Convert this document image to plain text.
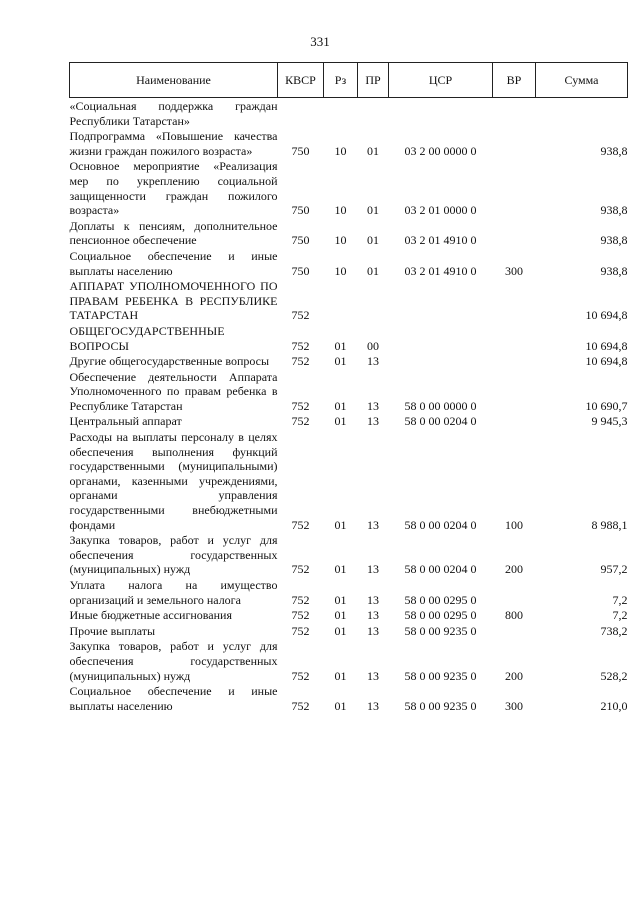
331
Наименование	КВСР	Рз	ПР	ЦСР	ВР	Сумма
«Социальная поддержка граждан Республики Татарстан»						
Подпрограмма «Повышение качества жизни граждан пожилого возраста»	750	10	01	03 2 00 0000 0		938,8
Основное мероприятие «Реализация мер по укреплению социальной защищенности граждан пожилого возраста»	750	10	01	03 2 01 0000 0		938,8
Доплаты к пенсиям, дополнительное пенсионное обеспечение	750	10	01	03 2 01 4910 0		938,8
Социальное обеспечение и иные выплаты населению	750	10	01	03 2 01 4910 0	300	938,8
АППАРАТ УПОЛНОМОЧЕННОГО ПО ПРАВАМ РЕБЕНКА В РЕСПУБЛИКЕ ТАТАРСТАН	752					10 694,8
ОБЩЕГОСУДАРСТВЕННЫЕ ВОПРОСЫ	752	01	00			10 694,8
Другие общегосударственные вопросы	752	01	13			10 694,8
Обеспечение деятельности Аппарата Уполномоченного по правам ребенка в Республике Татарстан	752	01	13	58 0 00 0000 0		10 690,7
Центральный аппарат	752	01	13	58 0 00 0204 0		9 945,3
Расходы на выплаты персоналу в целях обеспечения выполнения функций государственными (муниципальными) органами, казенными учреждениями, органами управления государственными внебюджетными фондами	752	01	13	58 0 00 0204 0	100	8 988,1
Закупка товаров, работ и услуг для обеспечения государственных (муниципальных) нужд	752	01	13	58 0 00 0204 0	200	957,2
Уплата налога на имущество организаций и земельного налога	752	01	13	58 0 00 0295 0		7,2
Иные бюджетные ассигнования	752	01	13	58 0 00 0295 0	800	7,2
Прочие выплаты	752	01	13	58 0 00 9235 0		738,2
Закупка товаров, работ и услуг для обеспечения государственных (муниципальных) нужд	752	01	13	58 0 00 9235 0	200	528,2
Социальное обеспечение и иные выплаты населению	752	01	13	58 0 00 9235 0	300	210,0
